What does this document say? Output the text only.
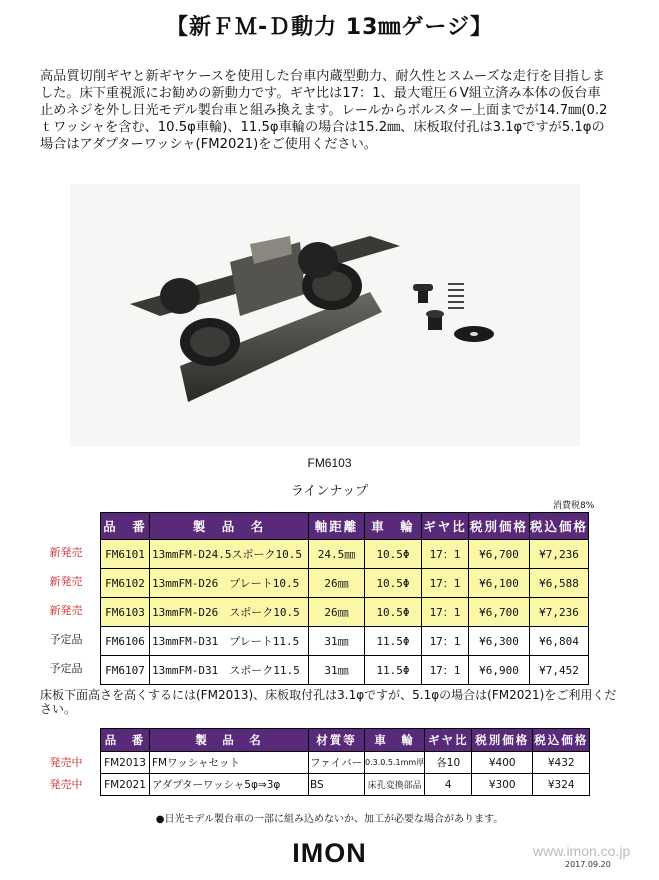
【新ＦＭ-Ｄ動力 13㎜ゲージ】
高品質切削ギヤと新ギヤケースを使用した台車内蔵型動力、耐久性とスムーズな走行を目指しました。床下重視派にお勧めの新動力です。ギヤ比は17：1、最大電圧６V組立済み本体の仮台車止めネジを外し日光モデル製台車と組み換えます。レールからボルスター上面までが14.7㎜(0.2ｔワッシャを含む、10.5φ車輪)、11.5φ車輪の場合は15.2㎜、床板取付孔は3.1φですが5.1φの場合はアダプターワッシャ(FM2021)をご使用ください。
FM6103
ラインナップ
消費税8%
新発売
新発売
新発売
予定品
予定品
品　番	製　品　名	軸距離	車　輪	ギヤ比	税別価格	税込価格
FM6101	13mmFM-D24.5スポーク10.5	24.5㎜	10.5Φ	17：1	¥6,700	¥7,236
FM6102	13mmFM-D26　プレート10.5	26㎜	10.5Φ	17：1	¥6,100	¥6,588
FM6103	13mmFM-D26　スポーク10.5	26㎜	10.5Φ	17：1	¥6,700	¥7,236
FM6106	13mmFM-D31　プレート11.5	31㎜	11.5Φ	17：1	¥6,300	¥6,804
FM6107	13mmFM-D31　スポーク11.5	31㎜	11.5Φ	17：1	¥6,900	¥7,452
床板下面高さを高くするには(FM2013)、床板取付孔は3.1φですが、5.1φの場合は(FM2021)をご利用ください。
発売中
発売中
品　番	製　品　名	材質等	車　輪	ギヤ比	税別価格	税込価格
FM2013	FMワッシャセット	ファイバー	0.3.0.5.1mm厚	各10	¥400	¥432
FM2021	アダプターワッシャ5φ⇒3φ	BS	床孔変換部品	4	¥300	¥324
●日光モデル製台車の一部に組み込めないか、加工が必要な場合があります。
IMON	www.imon.co.jp
2017.09.20
